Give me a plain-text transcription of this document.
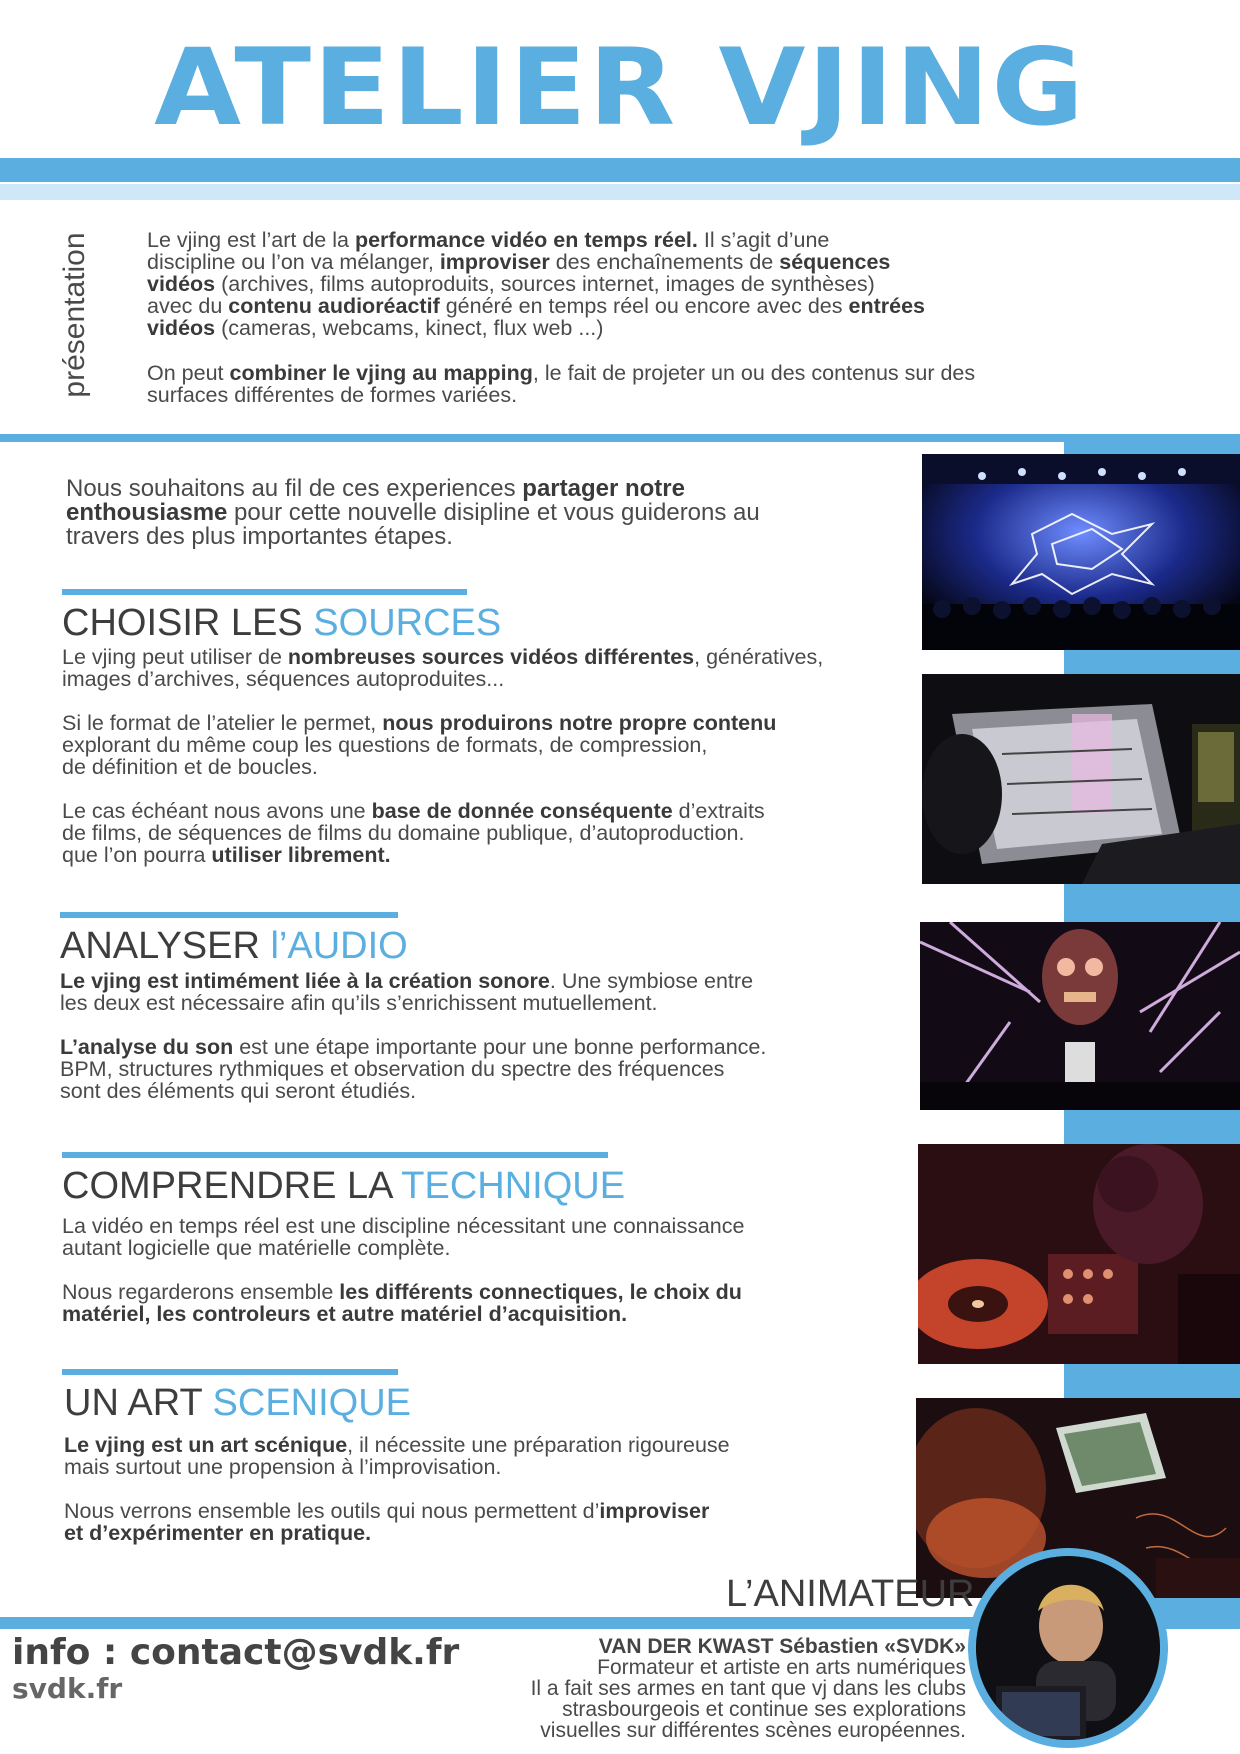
ATELIER VJING
présentation	Le vjing est l’art de la performance vidéo en temps réel. Il s’agit d’une
discipline ou l’on va mélanger, improviser des enchaînements de séquences
vidéos (archives, films autoproduits, sources internet, images de synthèses)
avec du contenu audioréactif généré en temps réel ou encore avec des entrées
vidéos (cameras, webcams, kinect, flux web ...)
On peut combiner le vjing au mapping, le fait de projeter un ou des contenus sur des
surfaces différentes de formes variées.
Nous souhaitons au fil de ces experiences partager notre
enthousiasme pour cette nouvelle disipline et vous guiderons au
travers des plus importantes étapes.
CHOISIR LES SOURCES
Le vjing peut utiliser de nombreuses sources vidéos différentes, génératives,
images d’archives, séquences autoproduites...
Si le format de l’atelier le permet, nous produirons notre propre contenu
explorant du même coup les questions de formats, de compression,
de définition et de boucles.
Le cas échéant nous avons une base de donnée conséquente d’extraits
de films, de séquences de films du domaine publique, d’autoproduction.
que l’on pourra utiliser librement.
ANALYSER l’AUDIO
Le vjing est intimément liée à la création sonore. Une symbiose entre
les deux est nécessaire afin qu’ils s’enrichissent mutuellement.
L’analyse du son est une étape importante pour une bonne performance.
BPM, structures rythmiques et observation du spectre des fréquences
sont des éléments qui seront étudiés.
COMPRENDRE LA TECHNIQUE
La vidéo en temps réel est une discipline nécessitant une connaissance
autant logicielle que matérielle complète.
Nous regarderons ensemble les différents connectiques, le choix du
matériel, les controleurs et autre matériel d’acquisition.
UN ART SCENIQUE
Le vjing est un art scénique, il nécessite une préparation rigoureuse
mais surtout une propension à l’improvisation.
Nous verrons ensemble les outils qui nous permettent d’improviser
et d’expérimenter en pratique.
L’ANIMATEUR
VAN DER KWAST Sébastien «SVDK»
Formateur et artiste en arts numériques
Il a fait ses armes en tant que vj dans les clubs
strasbourgeois et continue ses explorations
visuelles sur différentes scènes européennes.
info : contact@svdk.fr
svdk.fr
